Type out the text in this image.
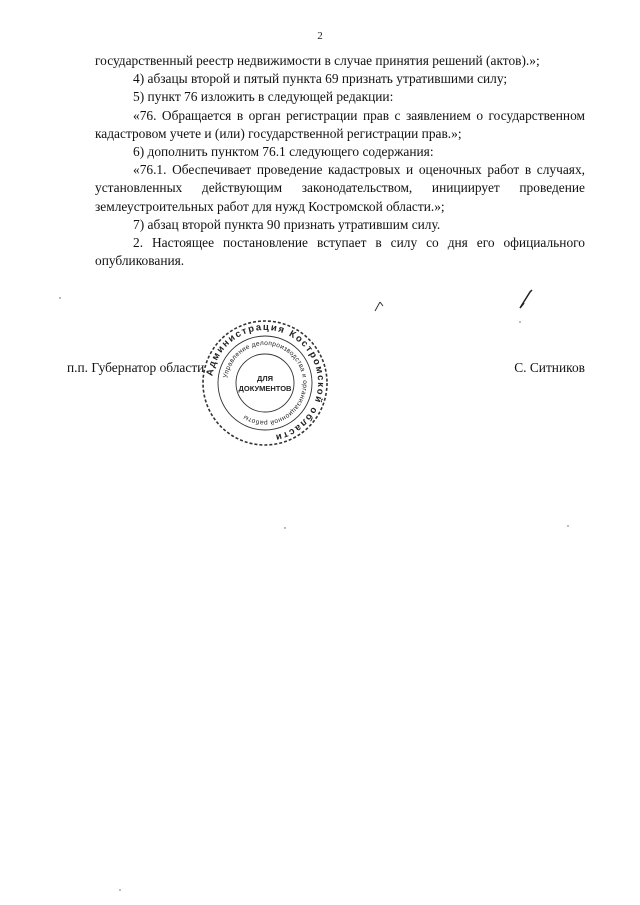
2

государственный реестр недвижимости в случае принятия решений (актов).»;

4) абзацы второй и пятый пункта 69 признать утратившими силу;

5) пункт 76 изложить в следующей редакции:

«76. Обращается в орган регистрации прав с заявлением о государственном кадастровом учете и (или) государственной регистрации прав.»;

6) дополнить пунктом 76.1 следующего содержания:

«76.1. Обеспечивает проведение кадастровых и оценочных работ в случаях, установленных действующим законодательством, инициирует проведение землеустроительных работ для нужд Костромской области.»;

7) абзац второй пункта 90 признать утратившим силу.

2. Настоящее постановление вступает в силу со дня его официального опубликования.

п.п. Губернатор области	С. Ситников
Администрация Костромской области
Управление делопроизводства и организационной работы
ДЛЯ
ДОКУМЕНТОВ
